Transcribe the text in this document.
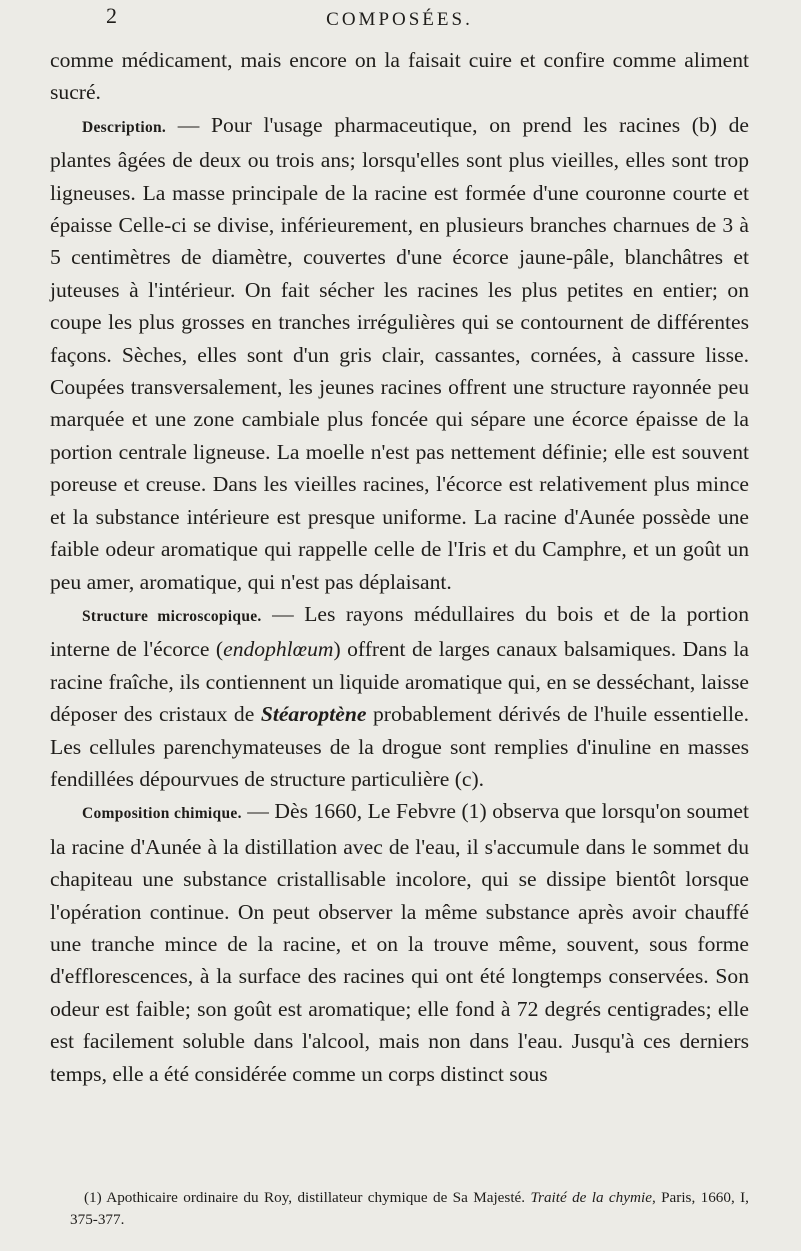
2	COMPOSÉES.

comme médicament, mais encore on la faisait cuire et confire comme aliment sucré.

Description. — Pour l'usage pharmaceutique, on prend les racines (b) de plantes âgées de deux ou trois ans; lorsqu'elles sont plus vieilles, elles sont trop ligneuses. La masse principale de la racine est formée d'une couronne courte et épaisse Celle-ci se divise, inférieurement, en plusieurs branches charnues de 3 à 5 centimètres de diamètre, couvertes d'une écorce jaune-pâle, blanchâtres et juteuses à l'intérieur. On fait sécher les racines les plus petites en entier; on coupe les plus grosses en tranches irrégulières qui se contournent de différentes façons. Sèches, elles sont d'un gris clair, cassantes, cornées, à cassure lisse. Coupées transversalement, les jeunes racines offrent une structure rayonnée peu marquée et une zone cambiale plus foncée qui sépare une écorce épaisse de la portion centrale ligneuse. La moelle n'est pas nettement définie; elle est souvent poreuse et creuse. Dans les vieilles racines, l'écorce est relativement plus mince et la substance intérieure est presque uniforme. La racine d'Aunée possède une faible odeur aromatique qui rappelle celle de l'Iris et du Camphre, et un goût un peu amer, aromatique, qui n'est pas déplaisant.

Structure microscopique. — Les rayons médullaires du bois et de la portion interne de l'écorce (endophlœum) offrent de larges canaux balsamiques. Dans la racine fraîche, ils contiennent un liquide aromatique qui, en se desséchant, laisse déposer des cristaux de Stéaroptène probablement dérivés de l'huile essentielle. Les cellules parenchymateuses de la drogue sont remplies d'inuline en masses fendillées dépourvues de structure particulière (c).

Composition chimique. — Dès 1660, Le Febvre (1) observa que lorsqu'on soumet la racine d'Aunée à la distillation avec de l'eau, il s'accumule dans le sommet du chapiteau une substance cristallisable incolore, qui se dissipe bientôt lorsque l'opération continue. On peut observer la même substance après avoir chauffé une tranche mince de la racine, et on la trouve même, souvent, sous forme d'efflorescences, à la surface des racines qui ont été longtemps conservées. Son odeur est faible; son goût est aromatique; elle fond à 72 degrés centigrades; elle est facilement soluble dans l'alcool, mais non dans l'eau. Jusqu'à ces derniers temps, elle a été considérée comme un corps distinct sous

(1) Apothicaire ordinaire du Roy, distillateur chymique de Sa Majesté. Traité de la chymie, Paris, 1660, I, 375-377.
